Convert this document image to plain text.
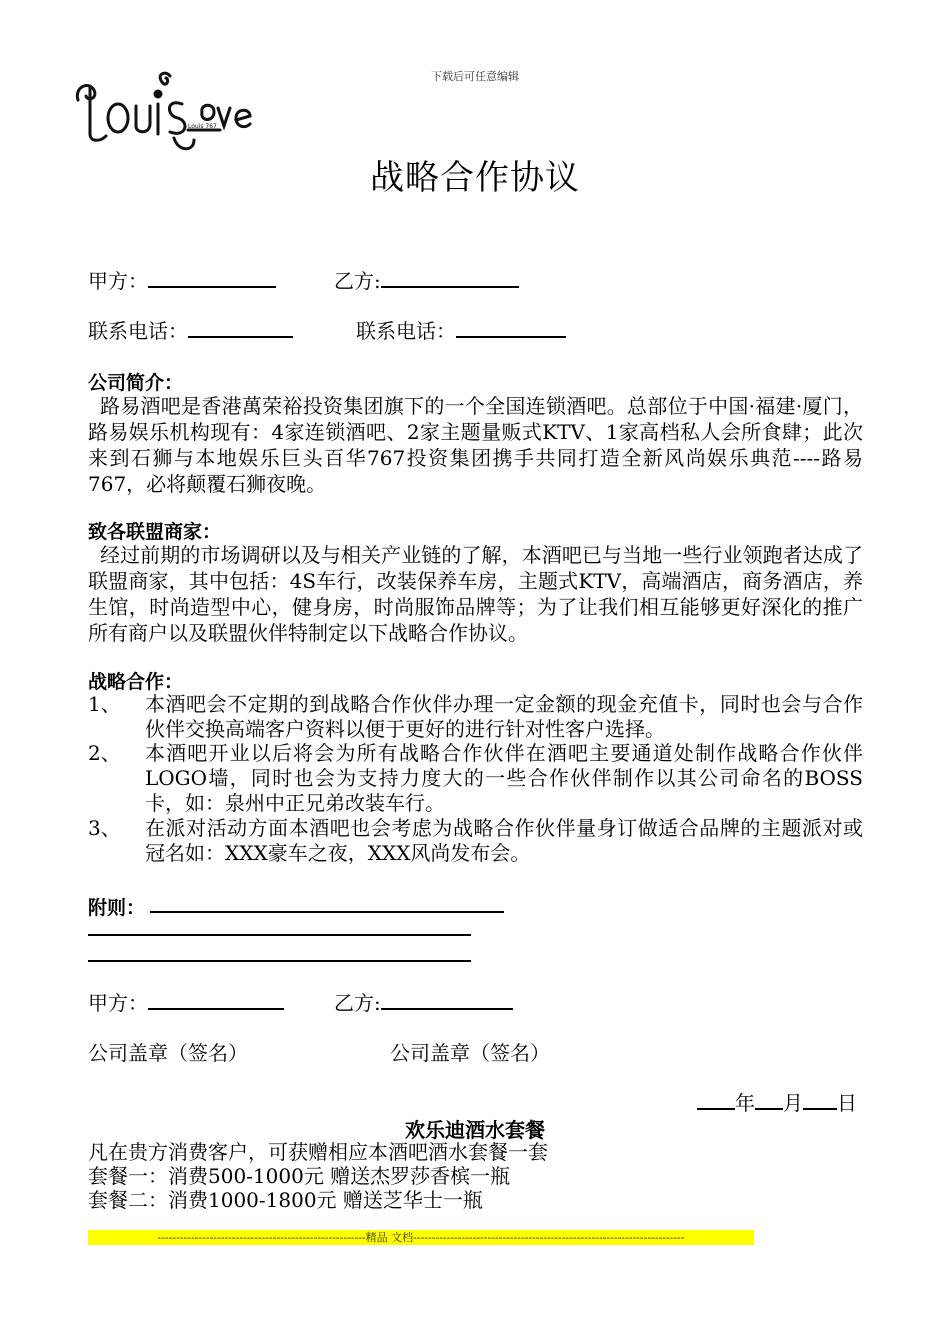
下载后可任意编辑
Louis 767
战略合作协议
甲方：	乙方:
联系电话：	联系电话：
公司简介：
路易酒吧是香港萬荣裕投资集团旗下的一个全国连锁酒吧。总部位于中国·福建·厦门，路易娱乐机构现有：4家连锁酒吧、2家主题量贩式KTV、1家高档私人会所食肆；此次来到石狮与本地娱乐巨头百华767投资集团携手共同打造全新风尚娱乐典范----路易767，必将颠覆石狮夜晚。
致各联盟商家：
经过前期的市场调研以及与相关产业链的了解，本酒吧已与当地一些行业领跑者达成了联盟商家，其中包括：4S车行，改装保养车房，主题式KTV，高端酒店，商务酒店，养生馆，时尚造型中心，健身房，时尚服饰品牌等；为了让我们相互能够更好深化的推广所有商户以及联盟伙伴特制定以下战略合作协议。
战略合作：
1、	本酒吧会不定期的到战略合作伙伴办理一定金额的现金充值卡，同时也会与合作伙伴交换高端客户资料以便于更好的进行针对性客户选择。
2、	本酒吧开业以后将会为所有战略合作伙伴在酒吧主要通道处制作战略合作伙伴LOGO墙，同时也会为支持力度大的一些合作伙伴制作以其公司命名的BOSS卡，如：泉州中正兄弟改装车行。
3、	在派对活动方面本酒吧也会考虑为战略合作伙伴量身订做适合品牌的主题派对或冠名如：XXX豪车之夜，XXX风尚发布会。
附则：
甲方：	乙方:
公司盖章（签名）	公司盖章（签名）
年 月 日
欢乐迪酒水套餐
凡在贵方消费客户，可获赠相应本酒吧酒水套餐一套
套餐一：消费500-1000元 赠送杰罗莎香槟一瓶
套餐二：消费1000-1800元 赠送芝华士一瓶
--------------------------------------------------------精品 文档-------------------------------------------------------------------------
